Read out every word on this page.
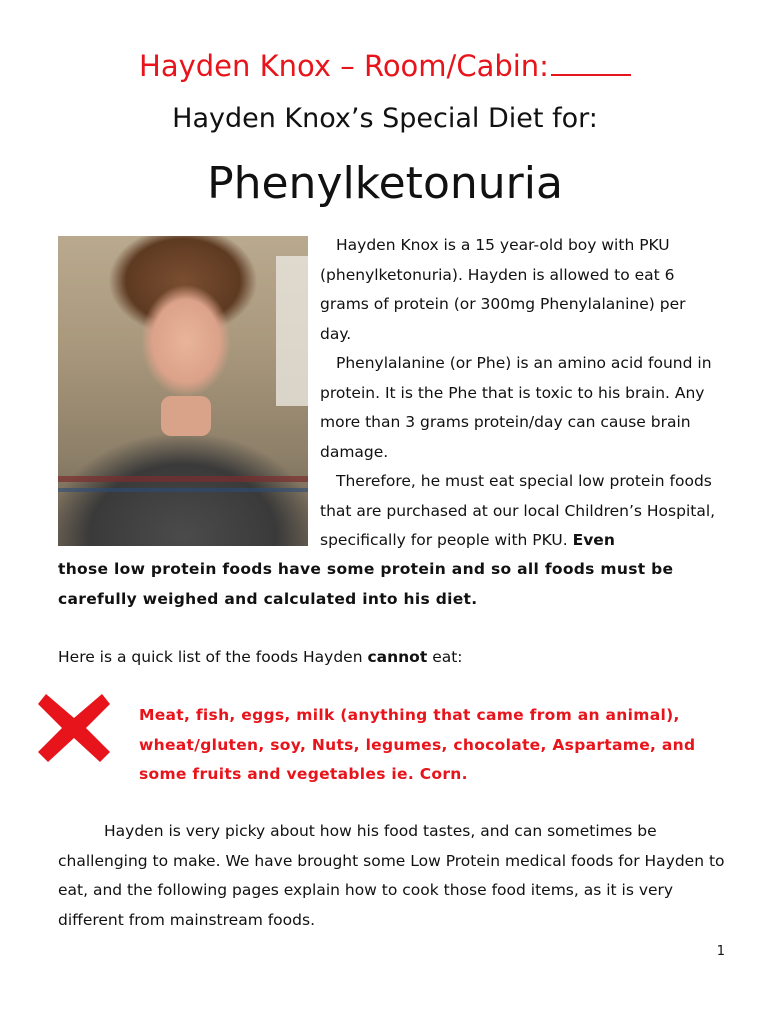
Hayden Knox – Room/Cabin:
Hayden Knox’s Special Diet for:
Phenylketonuria

Hayden Knox is a 15 year-old boy with PKU (phenylketonuria). Hayden is allowed to eat 6 grams of protein (or 300mg Phenylalanine) per day.

Phenylalanine (or Phe) is an amino acid found in protein. It is the Phe that is toxic to his brain. Any more than 3 grams protein/day can cause brain damage.

Therefore, he must eat special low protein foods that are purchased at our local Children’s Hospital, specifically for people with PKU. Even

those low protein foods have some protein and so all foods must be carefully weighed and calculated into his diet.
Here is a quick list of the foods Hayden cannot eat:
Meat, fish, eggs, milk (anything that came from an animal), wheat/gluten, soy, Nuts, legumes, chocolate, Aspartame, and some fruits and vegetables ie. Corn.

Hayden is very picky about how his food tastes, and can sometimes be challenging to make. We have brought some Low Protein medical foods for Hayden to eat, and the following pages explain how to cook those food items, as it is very different from mainstream foods.

1
